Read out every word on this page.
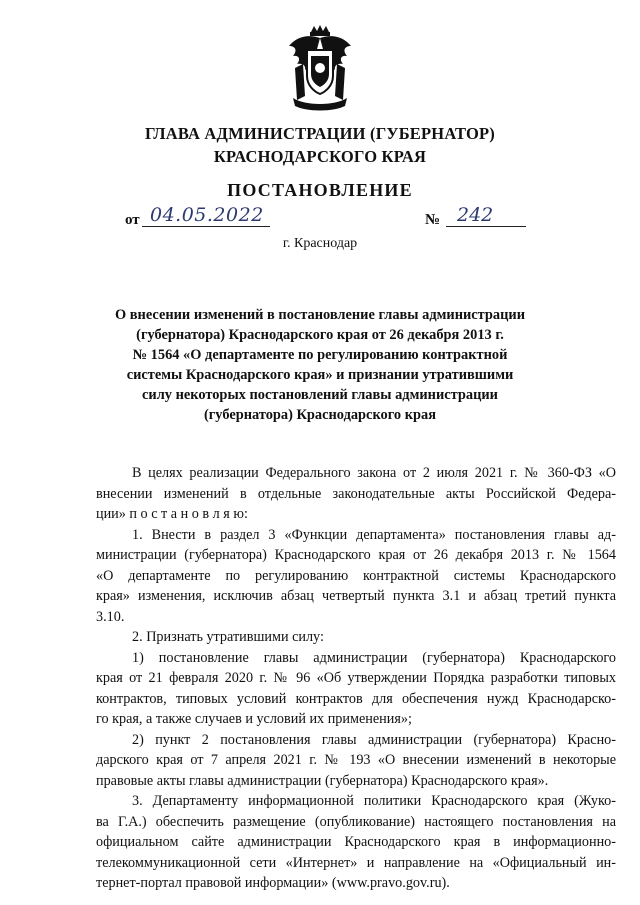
ГЛАВА АДМИНИСТРАЦИИ (ГУБЕРНАТОР)
КРАСНОДАРСКОГО КРАЯ
ПОСТАНОВЛЕНИЕ
от 04.05.2022	№ 242
г. Краснодар
О внесении изменений в постановление главы администрации
(губернатора) Краснодарского края от 26 декабря 2013 г.
№ 1564 «О департаменте по регулированию контрактной
системы Краснодарского края» и признании утратившими
силу некоторых постановлений главы администрации
(губернатора) Краснодарского края
В целях реализации Федерального закона от 2 июля 2021 г. № 360-ФЗ «О
внесении изменений в отдельные законодательные акты Российской Федера-
ции» п о с т а н о в л я ю:
1. Внести в раздел 3 «Функции департамента» постановления главы ад-
министрации (губернатора) Краснодарского края от 26 декабря 2013 г. № 1564
«О департаменте по регулированию контрактной системы Краснодарского
края» изменения, исключив абзац четвертый пункта 3.1 и абзац третий пункта
3.10.
2. Признать утратившими силу:
1) постановление главы администрации (губернатора) Краснодарского
края от 21 февраля 2020 г. № 96 «Об утверждении Порядка разработки типовых
контрактов, типовых условий контрактов для обеспечения нужд Краснодарско-
го края, а также случаев и условий их применения»;
2) пункт 2 постановления главы администрации (губернатора) Красно-
дарского края от 7 апреля 2021 г. № 193 «О внесении изменений в некоторые
правовые акты главы администрации (губернатора) Краснодарского края».
3. Департаменту информационной политики Краснодарского края (Жуко-
ва Г.А.) обеспечить размещение (опубликование) настоящего постановления на
официальном сайте администрации Краснодарского края в информационно-
телекоммуникационной сети «Интернет» и направление на «Официальный ин-
тернет-портал правовой информации» (www.pravo.gov.ru).
